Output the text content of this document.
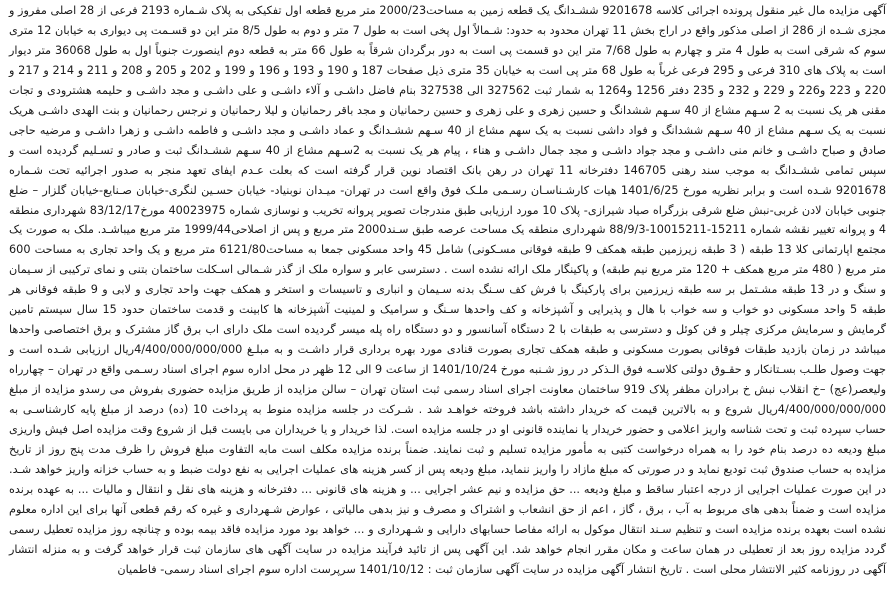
آگهی مزایده مال غیر منقول پرونده اجرائی کلاسه 9201678 ششـدانگ یک قطعه زمین به مساحت2000/23 متر مربع قطعه اول تفکیکی به پلاک شـماره 2193 فرعی از 28 اصلی مفروز و مجزی شـده از 286 از اصلی مذکور واقع در اراج بخش 11 تهران محدود به حدود: شـمالاً اول پخی است به طول 7 متر و دوم به طول 8/5 متر این دو قسـمت پی دیواری به خیابان 12 متری سوم که شرقی است به طول 4 متر و چهارم به طول 7/68 متر این دو قسمت پی است به دور برگردان شرقاً به طول 66 متر به قطعه دوم اینصورت جنوباً اول به طول 36068 متر دیوار است به پلاک های 310 فرعی و 295 فرعی غرباً به طول 68 متر پی است به خیابان 35 متری ذیل صفحات 187 و 190 و 193 و 196 و 199 و 202 و 205 و 208 و 211 و 214 و 217 و 220 و 223 و226 و 229 و 232 و 235 دفتر 1256 و1264 به شمار ثبت 327562 الی 327538 بنام فاضل داشـی و آلاء داشـی و علی داشـی و مجد داشـی و حلیمه هشترودی و تجات مقنی هر یک نسبت به 2 سـهم مشاع از 40 سـهم ششدانگ و حسین زهری و علی زهری و حسین رحمانیان و مجد باقر رحمانیان و لیلا رحمانیان و نرجس رحمانیان و بنت الهدی داشـی هریک نسبت به یک سـهم مشاع از 40 سـهم ششدانگ و فواد داشی نسبت به یک سهم مشاع از 40 سـهم ششـدانگ و عماد داشـی و مجد داشـی و فاطمه داشـی و زهرا داشـی و مرضیه حاجی صادق و صباح داشـی و خانم منی داشـی و مجد جواد داشـی و مجد جمال داشـی و هناء ، پیام هر یک نسبت به 2سـهم مشاع از 40 سـهم ششـدانگ ثبت و صادر و تسـلیم گردیده است و سپس تمامی ششـدانگ به موجب سند رهنی 146705 دفترخانه 11 تهران در رهن بانک اقتصاد نوین قرار گرفته است که بعلت عـدم ایفای تعهد منجر به صدور اجرائیه تحت شـماره 9201678 شـده است و برابر نظریه مورخ 1401/6/25 هیات کارشـناسـان رسـمی ملـک فوق واقع است در تهران- میـدان نوبنیاد- خیابان حسـین لنگری-خیابان صـنایع-خیابان گلزار – ضلع جنوبی خیابان لادن غربی-نبش ضلع شرقی بزرگراه صیاد شیرازی- پلاک 10 مورد ارزیابی طبق مندرجات تصویر پروانه تخریب و نوسازی شماره 40023975 مورخ83/12/17 شهرداری منطقه 4 و پروانه تغییر نقشه شماره 15211-10015211-88/9/3 شهرداری منطقه یک مساحت عرصه طبق سـند2000 متر مربع و پس از اصلاحی1999/44 متر مربع میباشـد. ملک به صورت یک مجتمع اپارتمانی کلا 13 طبقه ( 3 طبقه زیرزمین طبقه همکف 9 طبقه فوقانی مسـکونی) شامل 45 واحد مسکونی جمعا به مساحت6121/80 متر مربع و یک واحد تجاری به مساحت 600 متر مربع ( 480 متر مربع همکف + 120 متر مربع نیم طبقه) و پاکینگار ملک ارائه نشده است . دسترسی عابر و سواره ملک از گذر شـمالی اسـکلت ساختمان بتنی و نمای ترکیبی از سـیمان و سنگ و در 13 طبقه مشـتمل بر سه طبقه زیرزمین برای پارکینگ با فرش کف سـنگ بدنه سـیمان و انباری و تاسیسات و استخر و همکف جهت واحد تجاری و لابی و 9 طبقه فوقانی هر طبقه 5 واحد مسکونی دو خواب و سه خواب با هال و پذیرایی و آشپزخانه و کف واحدها سـنگ و سرامیک و لمینیت آشپزخانه ها کابینت و قدمت ساختمان حدود 15 سال سیستم تامین گرمایش و سرمایش مرکزی چیلر و فن کوئل و دسترسی به طبقات با 2 دستگاه آسانسور و دو دستگاه راه پله میسر گردیده است ملک دارای اب برق گاز مشترک و برق اختصاصی واحدها میباشد در زمان بازدید طبقات فوقانی بصورت مسکونی و طبقه همکف تجاری بصورت قنادی مورد بهره برداری قرار داشـت و به مبلـغ 4/400/000/000/000ریال ارزیابی شـده است و جهت وصول طلـب بسـتانکار و حقـوق دولتی کلاسـه فوق الـذکر در روز شـنبه مورخ 1401/10/24 از ساعت 9 الی 12 ظهر در محل اداره سوم اجرای اسناد رسـمی واقع در تهران – چهارراه ولیعصر(عج) –خ انقلاب نبش خ برادران مظفر پلاک 919 ساختمان معاونت اجرای اسناد رسمی ثبت استان تهران – سالن مزایده از طریق مزایده حضوری بفروش می رسدو مزایده از مبلغ 4/400/000/000/000ریال شروع و به بالاترین قیمت که خریدار داشته باشد فروخته خواهـد شد . شـرکت در جلسه مزایده منوط به پرداخت 10 (ده) درصد از مبلغ پایه کارشناسـی به حساب سپرده ثبت و تحت شناسه واریز اعلامی و حضور خریدار یا نماینده قانونی او در جلسه مزایده است. لذا خریدار و یا خریداران می بایست قبل از شروع وقت مزایده اصل فیش واریزی مبلغ ودیعه ده درصد بنام خود را به همراه درخواست کتبی به مأمور مزایده تسلیم و ثبت نمایند. ضمناً برنده مزایده مکلف است مابه التفاوت مبلغ فروش را ظرف مدت پنج روز از تاریخ مزایده به حساب صندوق ثبت تودیع نماید و در صورتی که مبلغ مازاد را واریز ننماید، مبلغ ودیعه پس از کسر هزینه های عملیات اجرایی به نفع دولت ضبط و به حساب خزانه واریز خواهد شـد. در این صورت عملیات اجرایی از درجه اعتبار ساقط و مبلغ ودیعه ... حق مزایده و نیم عشر اجرایی ... و هزینه های قانونی ... دفترخانه و هزینه های نقل و انتقال و مالیات ... به عهده برنده مزایده است و ضمناً بدهی های مربوط به آب ، برق ، گاز ، اعم از حق انشعاب و اشتراک و مصرف و نیز بدهی مالیاتی ، عوارض شـهرداری و غیره که رقم قطعی آنها برای این اداره معلوم نشده است بعهده برنده مزایده است و تنظیم سـند انتقال موکول به ارائه مفاصا حسابهای دارایی و شـهرداری و ... خواهد بود مورد مزایده فاقد بیمه بوده و چنانچه روز مزایده تعطیل رسمی گردد مزایده روز بعد از تعطیلی در همان ساعت و مکان مقرر انجام خواهد شد. این آگهی پس از تائید فرآیند مزایده در سایت آگهی های سازمان ثبت قرار خواهد گرفت و به منزله انتشار آگهی در روزنامه کثیر الانتشار محلی است . تاریخ انتشار آگهی مزایده در سایت آگهی سازمان ثبت : 1401/10/12 سرپرست اداره سوم اجرای اسناد رسمی- فاطمیان
